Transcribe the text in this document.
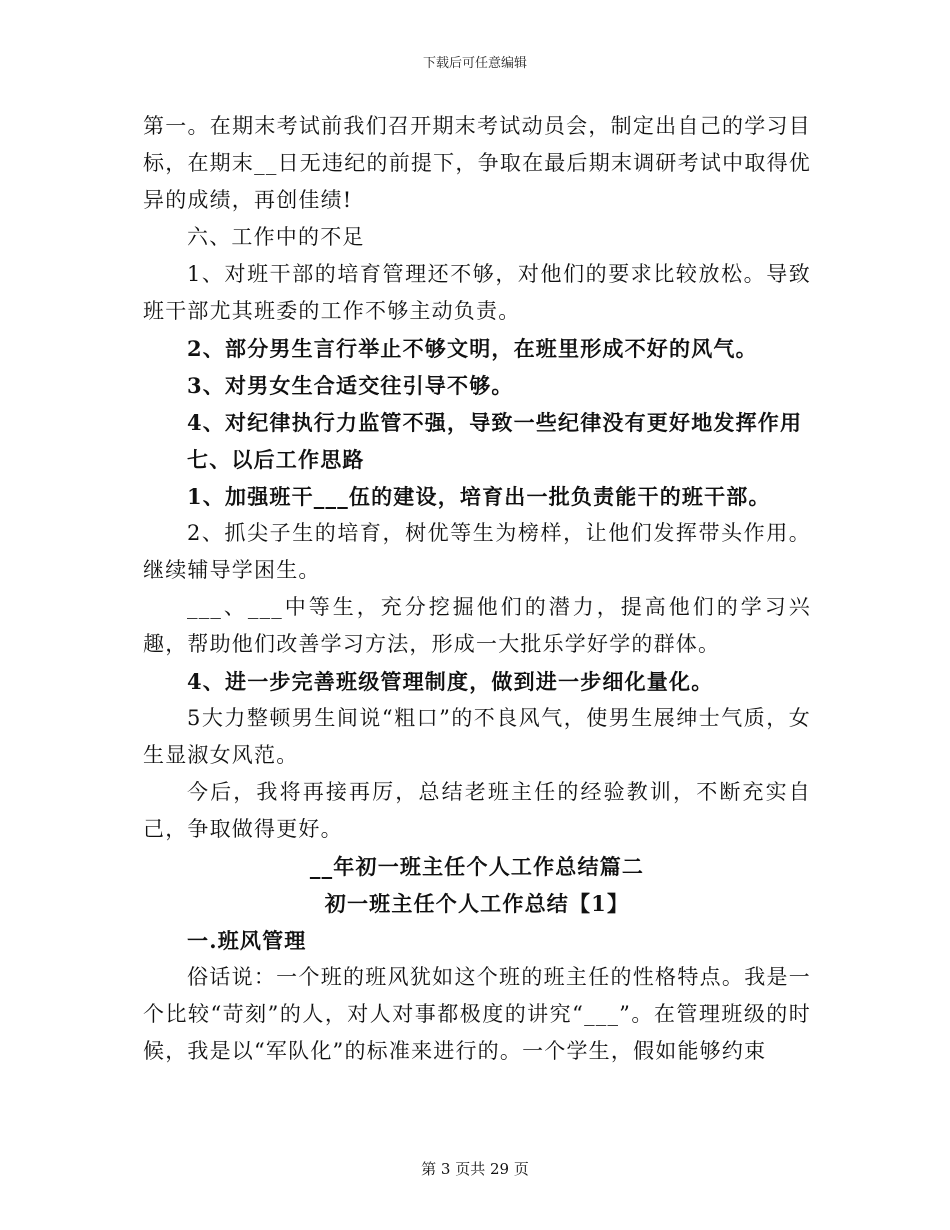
下载后可任意编辑

第一。在期末考试前我们召开期末考试动员会，制定出自己的学习目标，在期末__日无违纪的前提下，争取在最后期末调研考试中取得优异的成绩，再创佳绩!

六、工作中的不足

1、对班干部的培育管理还不够，对他们的要求比较放松。导致班干部尤其班委的工作不够主动负责。

2、部分男生言行举止不够文明，在班里形成不好的风气。

3、对男女生合适交往引导不够。

4、对纪律执行力监管不强，导致一些纪律没有更好地发挥作用

七、以后工作思路

1、加强班干___伍的建设，培育出一批负责能干的班干部。

2、抓尖子生的培育，树优等生为榜样，让他们发挥带头作用。继续辅导学困生。

___、___中等生，充分挖掘他们的潜力，提高他们的学习兴趣，帮助他们改善学习方法，形成一大批乐学好学的群体。

4、进一步完善班级管理制度，做到进一步细化量化。

5大力整顿男生间说“粗口”的不良风气，使男生展绅士气质，女生显淑女风范。

今后，我将再接再厉，总结老班主任的经验教训，不断充实自己，争取做得更好。

__年初一班主任个人工作总结篇二

初一班主任个人工作总结【1】

一.班风管理

俗话说：一个班的班风犹如这个班的班主任的性格特点。我是一个比较“苛刻”的人，对人对事都极度的讲究“___”。在管理班级的时候，我是以“军队化”的标准来进行的。一个学生，假如能够约束

第 3 页共 29 页
